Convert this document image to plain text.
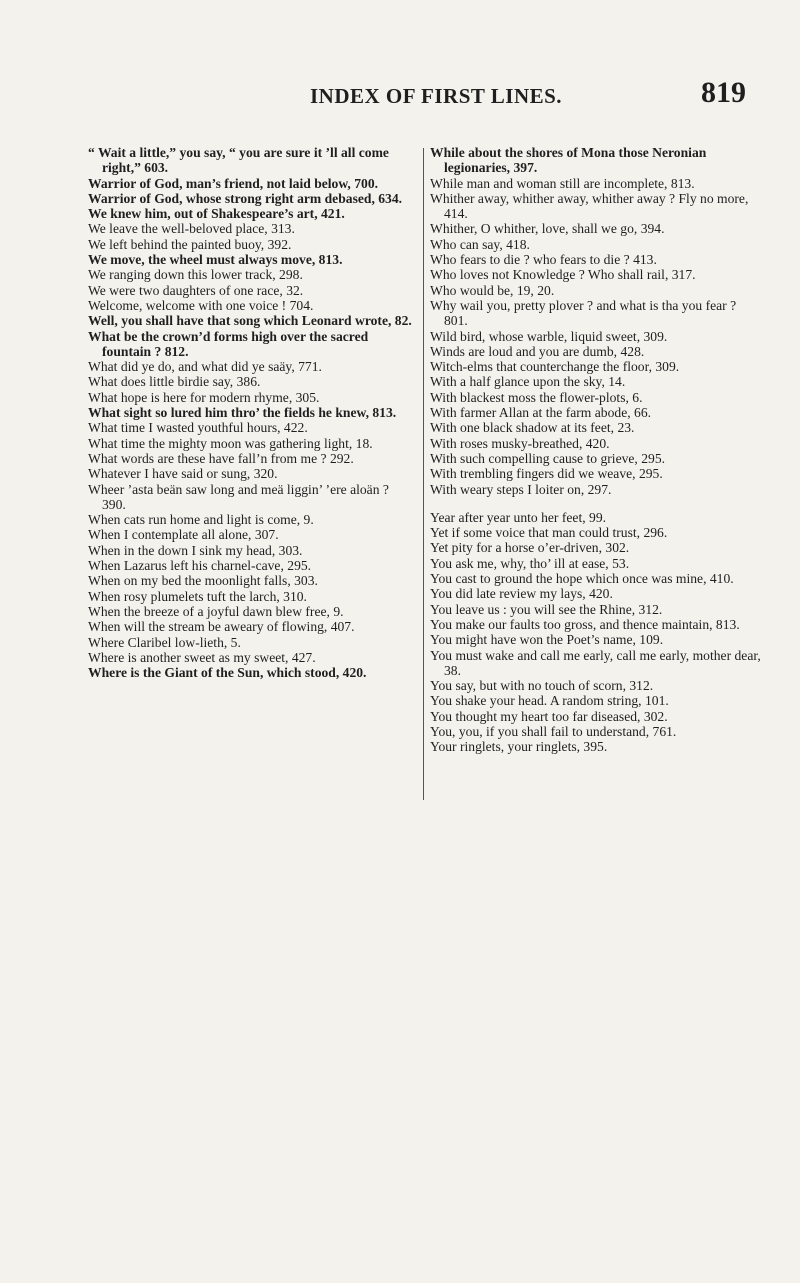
INDEX OF FIRST LINES.	819

“ Wait a little,” you say, “ you are sure it ’ll all come right,” 603.

Warrior of God, man’s friend, not laid below, 700.

Warrior of God, whose strong right arm debased, 634.

We knew him, out of Shakespeare’s art, 421.

We leave the well-beloved place, 313.

We left behind the painted buoy, 392.

We move, the wheel must always move, 813.

We ranging down this lower track, 298.

We were two daughters of one race, 32.

Welcome, welcome with one voice ! 704.

Well, you shall have that song which Leonard wrote, 82.

What be the crown’d forms high over the sacred fountain ? 812.

What did ye do, and what did ye saäy, 771.

What does little birdie say, 386.

What hope is here for modern rhyme, 305.

What sight so lured him thro’ the fields he knew, 813.

What time I wasted youthful hours, 422.

What time the mighty moon was gathering light, 18.

What words are these have fall’n from me ? 292.

Whatever I have said or sung, 320.

Wheer ’asta beän saw long and meä liggin’ ’ere aloän ? 390.

When cats run home and light is come, 9.

When I contemplate all alone, 307.

When in the down I sink my head, 303.

When Lazarus left his charnel-cave, 295.

When on my bed the moonlight falls, 303.

When rosy plumelets tuft the larch, 310.

When the breeze of a joyful dawn blew free, 9.

When will the stream be aweary of flowing, 407.

Where Claribel low-lieth, 5.

Where is another sweet as my sweet, 427.

Where is the Giant of the Sun, which stood, 420.

While about the shores of Mona those Neronian legionaries, 397.

While man and woman still are incomplete, 813.

Whither away, whither away, whither away ? Fly no more, 414.

Whither, O whither, love, shall we go, 394.

Who can say, 418.

Who fears to die ? who fears to die ? 413.

Who loves not Knowledge ? Who shall rail, 317.

Who would be, 19, 20.

Why wail you, pretty plover ? and what is tha you fear ? 801.

Wild bird, whose warble, liquid sweet, 309.

Winds are loud and you are dumb, 428.

Witch-elms that counterchange the floor, 309.

With a half glance upon the sky, 14.

With blackest moss the flower-plots, 6.

With farmer Allan at the farm abode, 66.

With one black shadow at its feet, 23.

With roses musky-breathed, 420.

With such compelling cause to grieve, 295.

With trembling fingers did we weave, 295.

With weary steps I loiter on, 297.

Year after year unto her feet, 99.

Yet if some voice that man could trust, 296.

Yet pity for a horse o’er-driven, 302.

You ask me, why, tho’ ill at ease, 53.

You cast to ground the hope which once was mine, 410.

You did late review my lays, 420.

You leave us : you will see the Rhine, 312.

You make our faults too gross, and thence maintain, 813.

You might have won the Poet’s name, 109.

You must wake and call me early, call me early, mother dear, 38.

You say, but with no touch of scorn, 312.

You shake your head. A random string, 101.

You thought my heart too far diseased, 302.

You, you, if you shall fail to understand, 761.

Your ringlets, your ringlets, 395.
